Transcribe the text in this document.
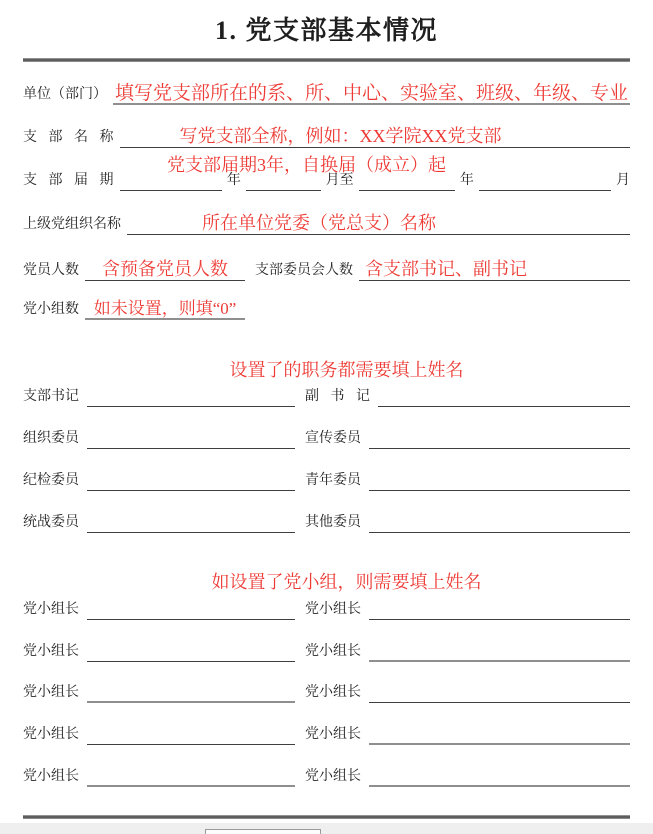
1. 党支部基本情况
单位（部门） 填写党支部所在的系、所、中心、实验室、班级、年级、专业
支 部 名 称	写党支部全称，例如：XX学院XX党支部
党支部届期3年，自换届（成立）起
支 部 届 期	年	月至	年	月
上级党组织名称	所在单位党委（党总支）名称
党员人数	含预备党员人数	支部委员会人数 含支部书记、副书记
党小组数 如未设置，则填“0”
设置了的职务都需要填上姓名
支部书记	副 书 记
组织委员	宣传委员
纪检委员	青年委员
统战委员	其他委员
如设置了党小组，则需要填上姓名
党小组长	党小组长
党小组长	党小组长
党小组长	党小组长
党小组长	党小组长
党小组长	党小组长
